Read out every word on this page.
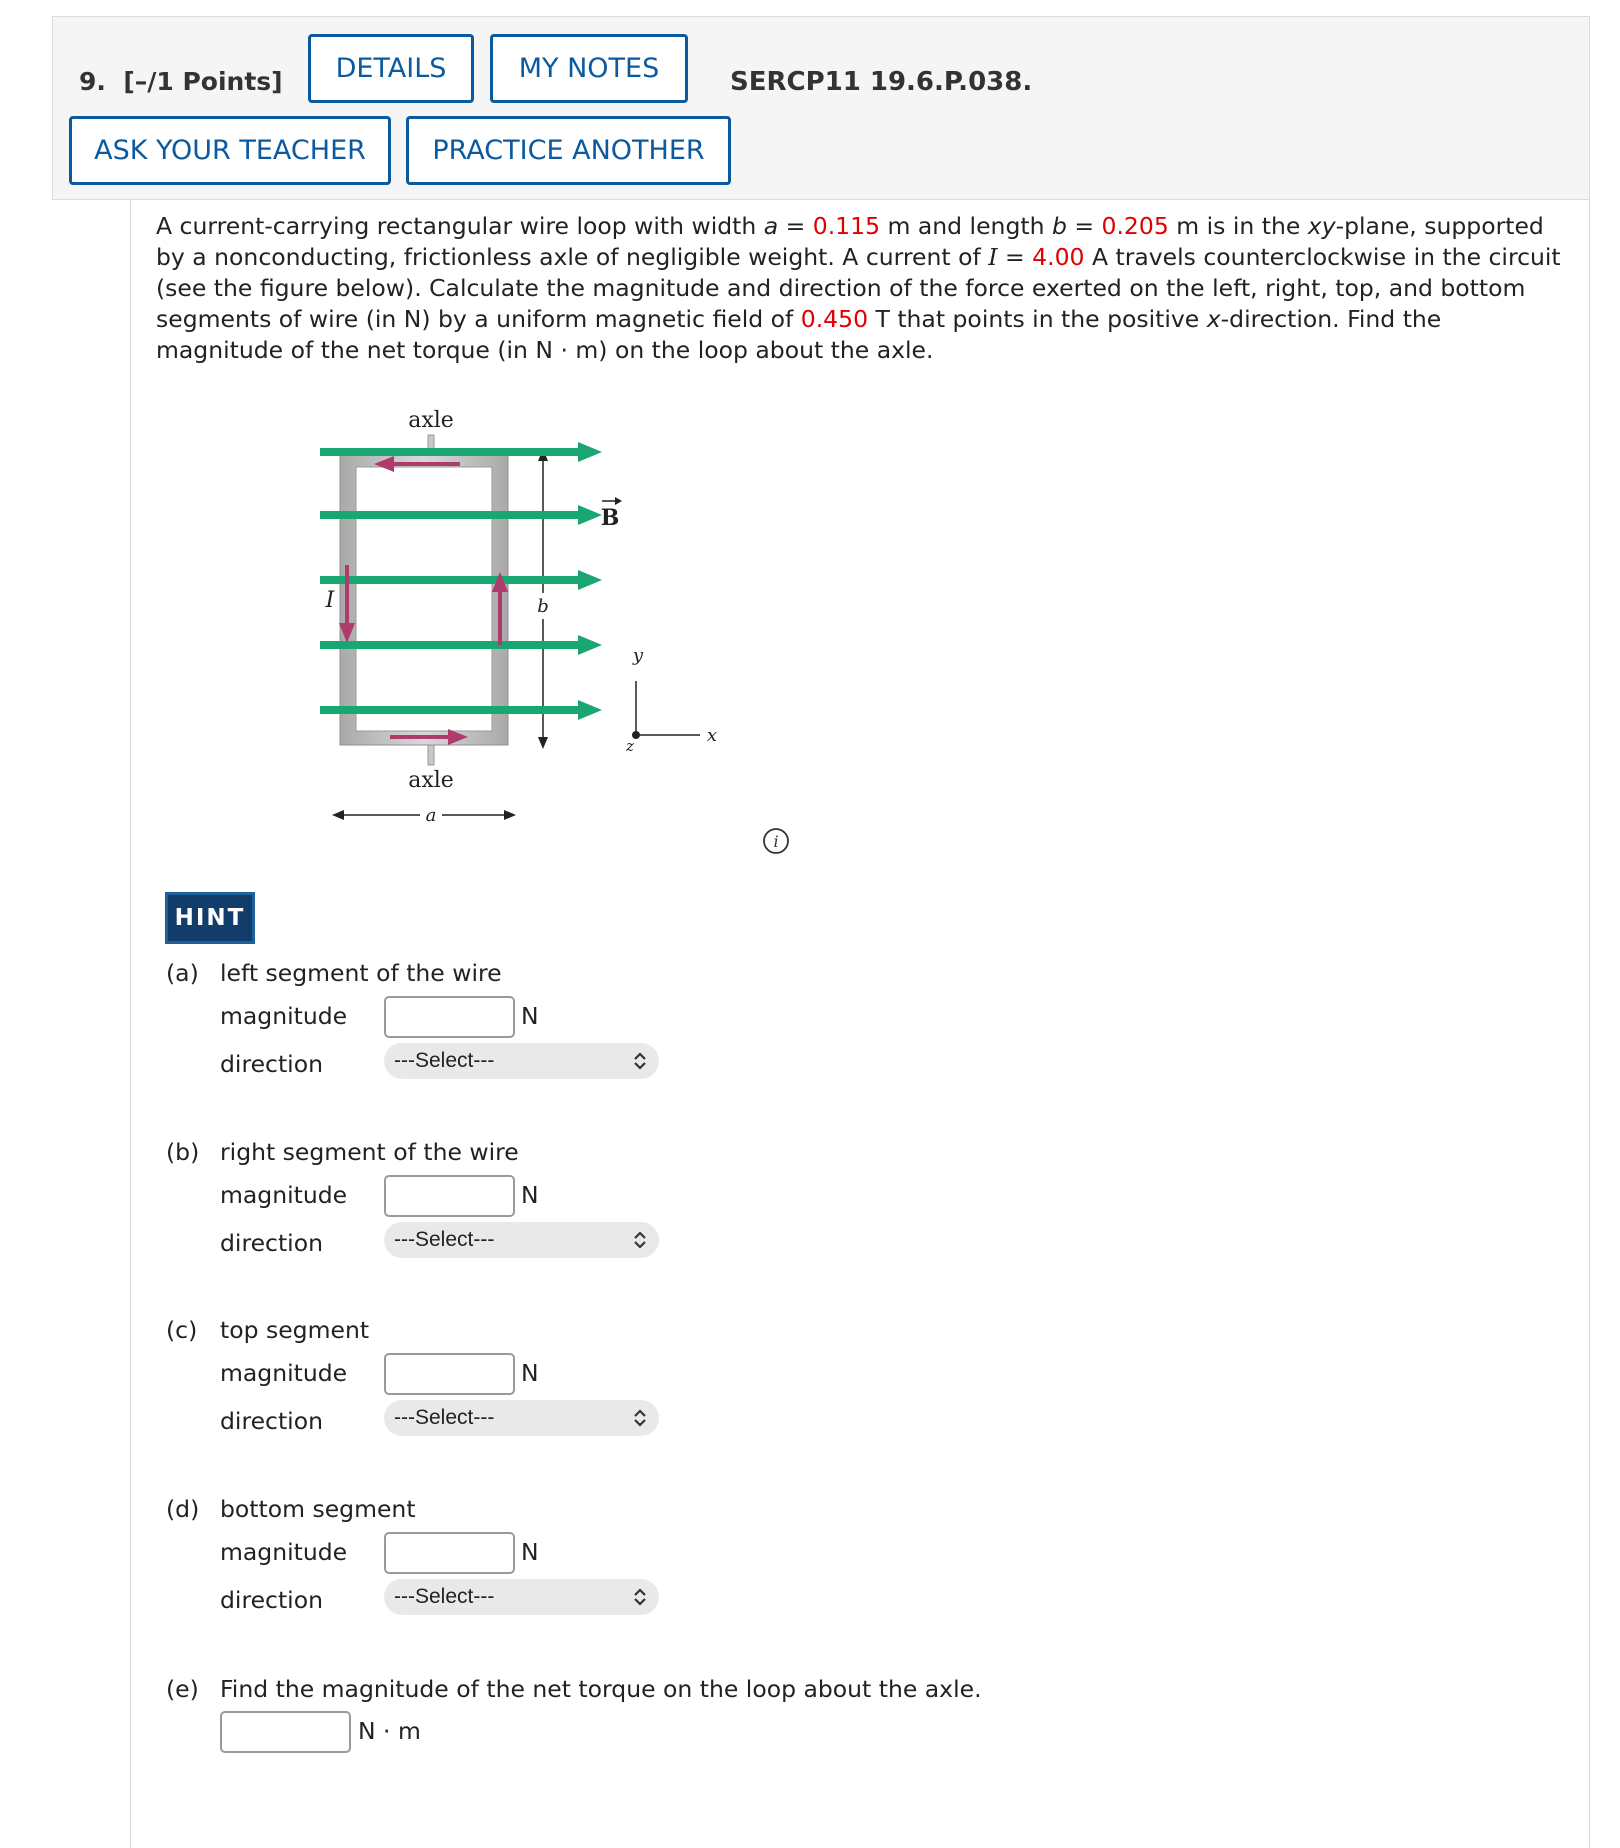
9. [–/1 Points]	DETAILS	MY NOTES	SERCP11 19.6.P.038.
ASK YOUR TEACHER	PRACTICE ANOTHER
A current-carrying rectangular wire loop with width a = 0.115 m and length b = 0.205 m is in the xy-plane, supported by a nonconducting, frictionless axle of negligible weight. A current of I = 4.00 A travels counterclockwise in the circuit (see the figure below). Calculate the magnitude and direction of the force exerted on the left, right, top, and bottom segments of wire (in N) by a uniform magnetic field of 0.450 T that points in the positive x-direction. Find the magnitude of the net torque (in N · m) on the loop about the axle.
b
axle
axle
I
B
a
y
x
z
i
HINT
(a) left segment of the wire
magnitude	N
direction	---Select---
(b) right segment of the wire
magnitude	N
direction	---Select---
(c) top segment
magnitude	N
direction	---Select---
(d) bottom segment
magnitude	N
direction	---Select---
(e) Find the magnitude of the net torque on the loop about the axle.
N · m
